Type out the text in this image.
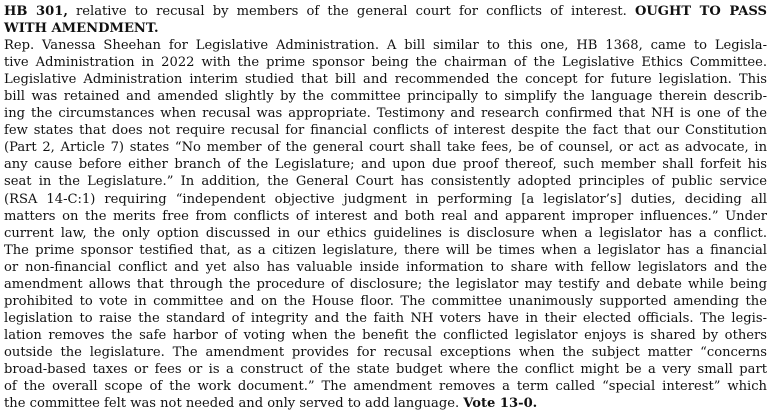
HB 301, relative to recusal by members of the general court for conflicts of interest. OUGHT TO PASS
WITH AMENDMENT.
Rep. Vanessa Sheehan for Legislative Administration. A bill similar to this one, HB 1368, came to Legisla-
tive Administration in 2022 with the prime sponsor being the chairman of the Legislative Ethics Committee.
Legislative Administration interim studied that bill and recommended the concept for future legislation. This
bill was retained and amended slightly by the committee principally to simplify the language therein describ-
ing the circumstances when recusal was appropriate. Testimony and research confirmed that NH is one of the
few states that does not require recusal for financial conflicts of interest despite the fact that our Constitution
(Part 2, Article 7) states “No member of the general court shall take fees, be of counsel, or act as advocate, in
any cause before either branch of the Legislature; and upon due proof thereof, such member shall forfeit his
seat in the Legislature.” In addition, the General Court has consistently adopted principles of public service
(RSA 14-C:1) requiring “independent objective judgment in performing [a legislator’s] duties, deciding all
matters on the merits free from conflicts of interest and both real and apparent improper influences.” Under
current law, the only option discussed in our ethics guidelines is disclosure when a legislator has a conflict.
The prime sponsor testified that, as a citizen legislature, there will be times when a legislator has a financial
or non-financial conflict and yet also has valuable inside information to share with fellow legislators and the
amendment allows that through the procedure of disclosure; the legislator may testify and debate while being
prohibited to vote in committee and on the House floor. The committee unanimously supported amending the
legislation to raise the standard of integrity and the faith NH voters have in their elected officials. The legis-
lation removes the safe harbor of voting when the benefit the conflicted legislator enjoys is shared by others
outside the legislature. The amendment provides for recusal exceptions when the subject matter “concerns
broad-based taxes or fees or is a construct of the state budget where the conflict might be a very small part
of the overall scope of the work document.” The amendment removes a term called “special interest” which
the committee felt was not needed and only served to add language. Vote 13-0.
